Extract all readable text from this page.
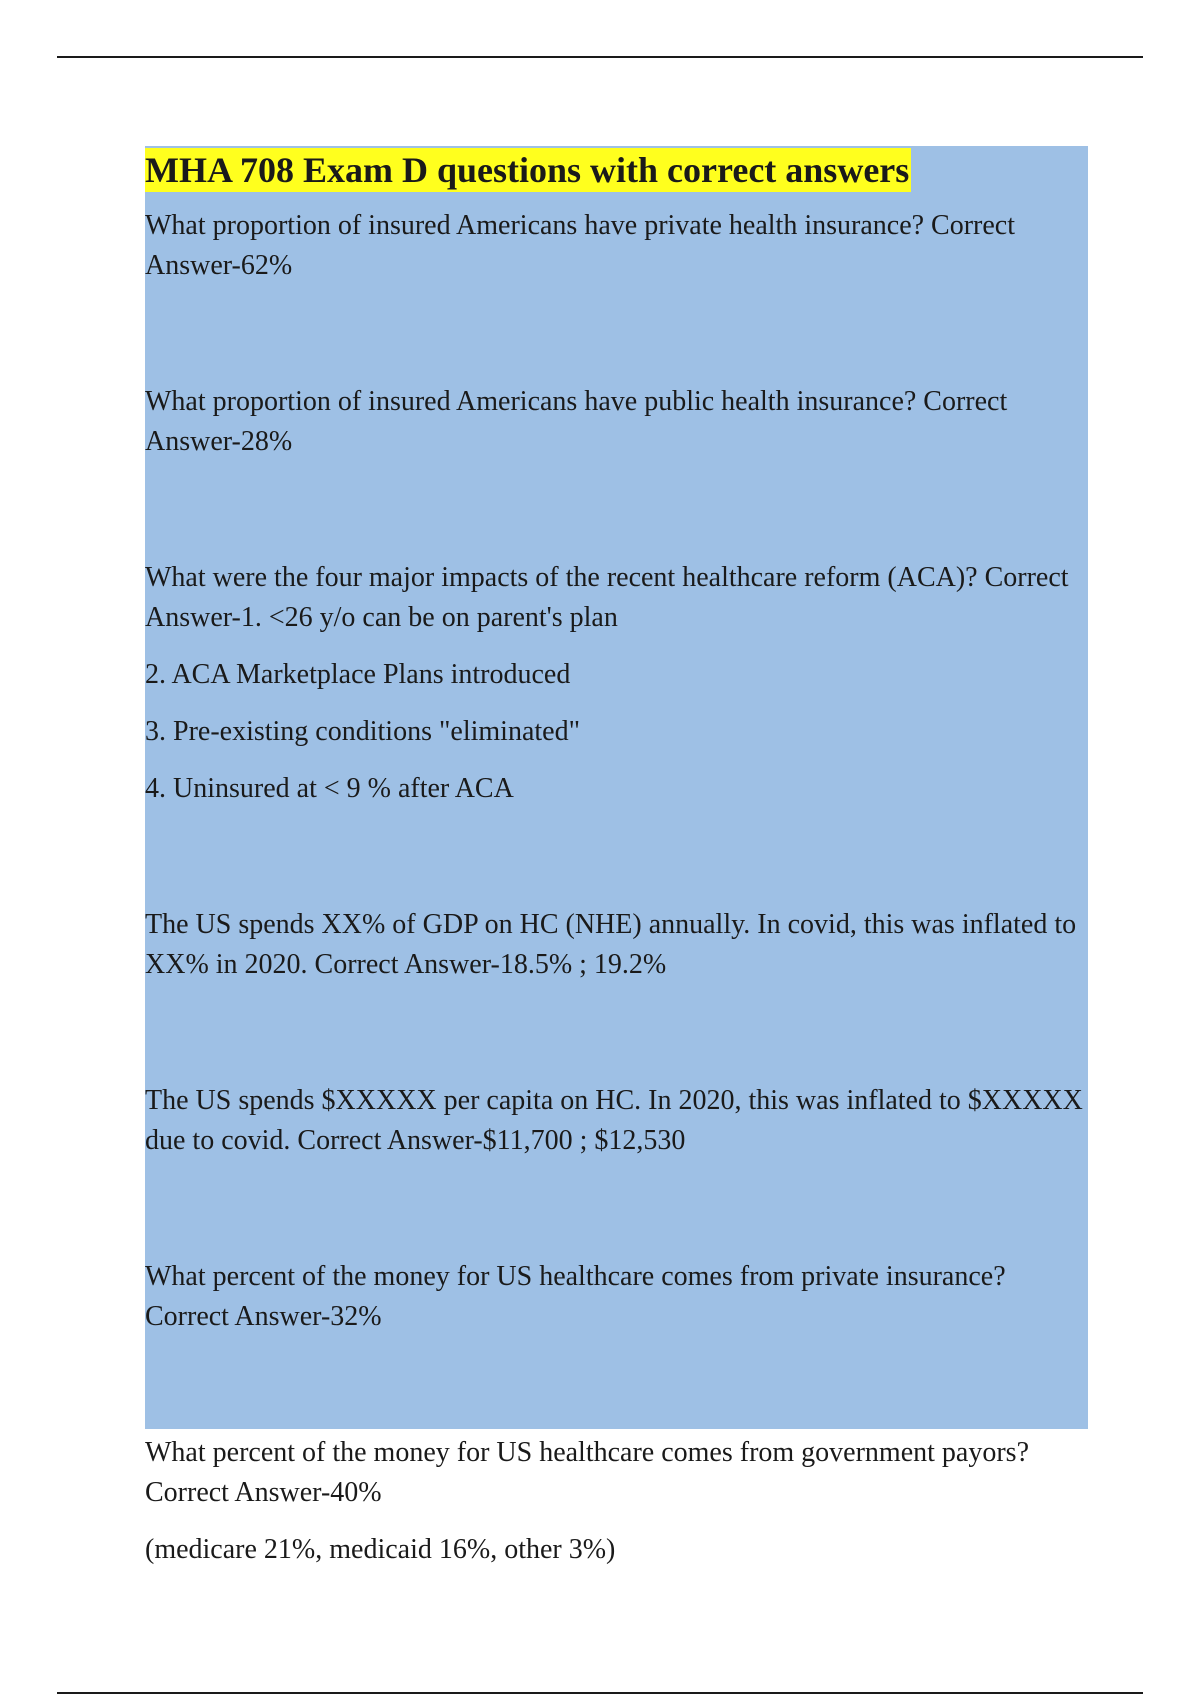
MHA 708 Exam D questions with correct answers

What proportion of insured Americans have private health insurance? Correct Answer-62%

What proportion of insured Americans have public health insurance? Correct Answer-28%

What were the four major impacts of the recent healthcare reform (ACA)? Correct Answer-1. <26 y/o can be on parent's plan

2. ACA Marketplace Plans introduced

3. Pre-existing conditions "eliminated"

4. Uninsured at < 9 % after ACA

The US spends XX% of GDP on HC (NHE) annually. In covid, this was inflated to XX% in 2020. Correct Answer-18.5% ; 19.2%

The US spends $XXXXX per capita on HC. In 2020, this was inflated to $XXXXX due to covid. Correct Answer-$11,700 ; $12,530

What percent of the money for US healthcare comes from private insurance? Correct Answer-32%

What percent of the money for US healthcare comes from government payors? Correct Answer-40%

(medicare 21%, medicaid 16%, other 3%)
